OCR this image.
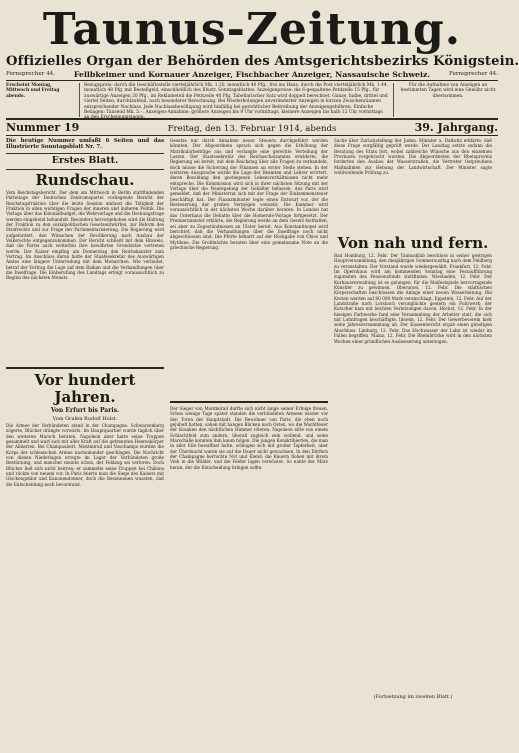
Taunus-Zeitung.
Offizielles Organ der Behörden des Amtsgerichtsbezirks Königstein.
Fernsprecher 44.	Fellbkeimer und Kornauer Anzeiger, Fischbacher Anzeiger, Nassauische Schweiz.	Fernsprecher 44.
Erscheint Montag, Mittwoch und Freitag abends.
Bezugspreis: durch die Geschäftsstelle vierteljährlich Mk. 1.20, monatlich 40 Pfg., frei ins Haus, durch die Post vierteljährlich Mk. 1.44, monatlich 48 Pfg. mit Bestellgeld, einschließlich des Illustr. Sonntagsblattes. Anzeigenpreise: die 6-gespaltene Petitzeile 15 Pfg., für auswärtige Anzeigen 20 Pfg., im Reklameteil die Petitzeile 40 Pfg. Tabellarischer Satz wird doppelt berechnet. Ganze, halbe, drittel und viertel Seiten, durchlaufend, nach besonderer Berechnung. Bei Wiederholungen unveränderter Anzeigen in kurzen Zwischenräumen entsprechender Nachlass. Jede Nachlassbewilligung wird hinfällig bei gerichtlicher Beitreibung der Anzeigengebühren. Einfache Beilagen: Tausend Mk. 5.–. Anzeigen-Annahme: größere Anzeigen bis 9 Uhr vormittags, kleinere Anzeigen bis halb 12 Uhr vormittags an den Erscheinungstagen.
Für die Aufnahme von Anzeigen an bestimmten Tagen wird eine Gewähr nicht übernommen.
Nummer 19	Freitag, den 13. Februar 1914, abends	39. Jahrgang.
Die heutige Nummer umfaßt 6 Seiten und das Illustrierte Sonntagsblatt Nr. 7.
Erstes Blatt.
Rundschau.

Vom Reichstagsbericht. Der dem am Mittwoch in Berlin stattfindenden Parteitage der Deutschen Zentrumspartei vorliegende Bericht der Reichstagsfraktion über die letzte Session umfasst die Tätigkeit der Fraktion in allen wichtigen Fragen der inneren und äußeren Politik. Die Vorlage über das Kolonialbudget, die Wehrvorlage und die Deckungsfrage werden eingehend behandelt. Besonders hervorgehoben wird die Haltung der Fraktion zu den sozialpolitischen Gesetzentwürfen, zur Reform des Strafrechts und zur Frage der Parlamentarisierung. Die Regierung wird aufgefordert, den Wünschen der Bevölkerung nach Ausbau der Volksrechte entgegenzukommen. Der Bericht schließt mit dem Hinweis, daß die Partei auch weiterhin ihre bewährten Grundsätze vertreten werde. Der Kaiser empfing am Donnerstag den Reichskanzler zum Vortrag. Im Anschluss daran hatte der Staatssekretär des Auswärtigen Amtes eine längere Unterredung mit dem Monarchen. Wie verlautet, betraf der Vortrag die Lage auf dem Balkan und die Verhandlungen über die Inselfrage. Die Einberufung des Landtags erfolgt voraussichtlich zu Beginn des nächsten Monats.

Vor hundert Jahren.
Von Erfurt bis Paris.
Vom Grafen Rudolf Holst.

Die Armee der Verbündeten stand in der Champagne. Schwarzenberg zögerte, Blücher drängte vorwärts. Im Hauptquartier wurde täglich über den weiteren Marsch beraten. Napoleon aber hatte seine Truppen gesammelt und warf sich mit aller Kraft auf die getrennten Heereskörper der Alliierten. Bei Champaubert, Montmirail und Vauchamps wurden die Korps der schlesischen Armee nacheinander geschlagen. Die Nachricht von diesen Niederlagen erregte im Lager der Verbündeten große Bestürzung, und mancher meinte schon, der Feldzug sei verloren. Doch Blücher ließ sich nicht beirren; er sammelte seine Truppen bei Châlons und rückte von neuem vor. In Paris feierte man die Siege des Kaisers mit Glockengeläut und Kanonendonner, doch die Besonnenen wussten, daß die Entscheidung noch bevorstand.

Gesetze nur durch Annahme neuer Steuern durchgeführt werden könnten. Der Abgeordnete sprach sich gegen die Erhöhung der Matrikularbeiträge aus und verlangte eine gerechte Verteilung der Lasten. Der Staatssekretär des Reichsschatzamtes erwiderte, die Regierung sei bereit, mit dem Reichstag über alle Fragen zu verhandeln, doch müsse die Sicherung der Finanzen an erster Stelle stehen. In der weiteren Aussprache wurde die Lage der Beamten und Lehrer erörtert, deren Besoldung den gestiegenen Lebensverhältnissen nicht mehr entspreche. Die Kommission wird sich in ihrer nächsten Sitzung mit der Vorlage über die Neuregelung der Gehälter befassen. Aus Paris wird gemeldet, daß der Ministerrat sich mit der Frage der Einkommensteuer beschäftigt hat. Der Finanzminister legte einen Entwurf vor, der die Besteuerung der großen Vermögen vorsieht. Die Kammer wird voraussichtlich in der nächsten Woche darüber beraten. In London hat das Unterhaus die Debatte über die Homerule-Vorlage fortgesetzt. Der Premierminister erklärte, die Regierung werde an dem Gesetz festhalten, sei aber zu Zugeständnissen an Ulster bereit. Aus Konstantinopel wird berichtet, daß die Verhandlungen über die Inselfrage noch nicht abgeschlossen sind. Die Pforte beharrt auf der Rückgabe von Chios und Mytilene. Die Großmächte beraten über eine gemeinsame Note an die griechische Regierung.

Der Sieger von Montmirail durfte sich nicht lange seiner Erfolge freuen. Schon wenige Tage später standen die verbündeten Armeen wieder vor den Toren der Hauptstadt. Die Bewohner von Paris, die eben noch gejubelt hatten, sahen mit bangen Blicken nach Osten, wo die Wachtfeuer der Kosaken den nächtlichen Himmel röteten. Napoleon eilte von einem Schlachtfeld zum andern, überall zugleich sein wollend, und seine Marschälle konnten ihm kaum folgen. Die jungen Konskribierten, die man in aller Eile bewaffnet hatte, schlugen sich mit großer Tapferkeit, aber der Übermacht waren sie auf die Dauer nicht gewachsen. In den Dörfern der Champagne herrschte Not und Elend; die Bauern flohen mit ihrem Vieh in die Wälder, und die Felder lagen verwüstet. So nahte der März heran, der die Entscheidung bringen sollte.

Sache über Zurückstellung der Juden. Minister a. Dallwitz erklärte, daß diese Frage sorgfältig geprüft werde. Der Landtag setzte sodann die Beratung des Etats fort, wobei zahlreiche Wünsche aus den einzelnen Provinzen vorgebracht wurden. Die Abgeordneten der Rheinprovinz forderten den Ausbau der Wasserstraßen, die Vertreter Ostpreußens Maßnahmen zur Hebung der Landwirtschaft. Der Minister sagte wohlwollende Prüfung zu.

Von nah und fern.

Bad Homburg, 12. Febr. Der Taunusklub beschloss in seiner gestrigen Hauptversammlung, den diesjährigen Sommerausflug nach dem Feldberg zu veranstalten. Der Vorstand wurde wiedergewählt. Frankfurt, 12. Febr. Im Opernhaus wird am kommenden Sonntag eine Festaufführung zugunsten des Pensionsfonds stattfinden. Wiesbaden, 12. Febr. Der Kurhausverwaltung ist es gelungen, für die Maifestspiele hervorragende Künstler zu gewinnen. Oberursel, 12. Febr. Die städtischen Körperschaften beschlossen die Anlage einer neuen Wasserleitung. Die Kosten werden auf 80 000 Mark veranschlagt. Eppstein, 12. Febr. Auf der Landstraße nach Lorsbach verunglückte gestern ein Fuhrwerk; der Kutscher kam mit leichten Verletzungen davon. Höchst, 12. Febr. In der hiesigen Farbwerke fand eine Versammlung der Arbeiter statt, die sich mit Lohnfragen beschäftigte. Idstein, 12. Febr. Der Gewerbeverein hielt seine Jahresversammlung ab. Der Kassenbericht ergab einen günstigen Abschluss. Limburg, 12. Febr. Das Hochwasser der Lahn ist wieder im Fallen begriffen. Mainz, 12. Febr. Die Rheinbrücke wird in den nächsten Wochen einer gründlichen Ausbesserung unterzogen.

(Fortsetzung im zweiten Blatt.)
